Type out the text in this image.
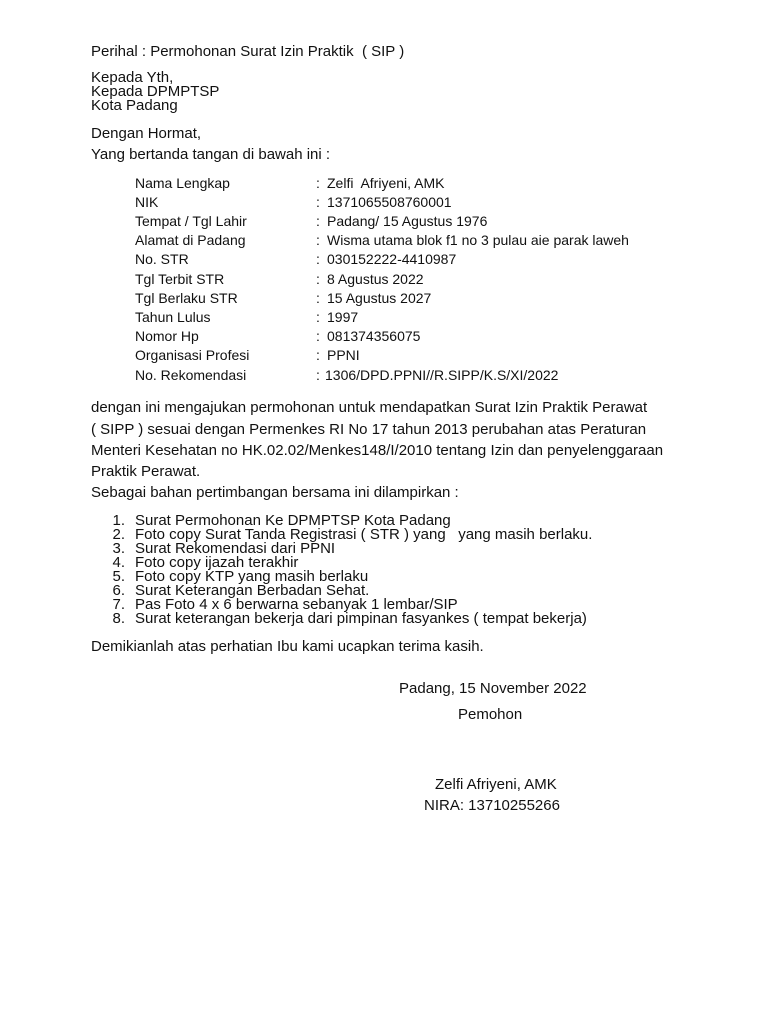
Perihal : Permohonan Surat Izin Praktik  ( SIP )
Kepada Yth,
Kepada DPMPTSP
Kota Padang
Dengan Hormat,
Yang bertanda tangan di bawah ini :
Nama Lengkap	: Zelfi  Afriyeni, AMK
NIK	: 1371065508760001
Tempat / Tgl Lahir	: Padang/ 15 Agustus 1976
Alamat di Padang	: Wisma utama blok f1 no 3 pulau aie parak laweh
No. STR	: 030152222-4410987
Tgl Terbit STR	: 8 Agustus 2022
Tgl Berlaku STR	: 15 Agustus 2027
Tahun Lulus	: 1997
Nomor Hp	: 081374356075
Organisasi Profesi	: PPNI
No. Rekomendasi	: 1306/DPD.PPNI//R.SIPP/K.S/XI/2022
dengan ini mengajukan permohonan untuk mendapatkan Surat Izin Praktik Perawat
( SIPP ) sesuai dengan Permenkes RI No 17 tahun 2013 perubahan atas Peraturan
Menteri Kesehatan no HK.02.02/Menkes148/I/2010 tentang Izin dan penyelenggaraan
Praktik Perawat.
Sebagai bahan pertimbangan bersama ini dilampirkan :
1. Surat Permohonan Ke DPMPTSP Kota Padang
2. Foto copy Surat Tanda Registrasi ( STR ) yang   yang masih berlaku.
3. Surat Rekomendasi dari PPNI
4. Foto copy ijazah terakhir
5. Foto copy KTP yang masih berlaku
6. Surat Keterangan Berbadan Sehat.
7. Pas Foto 4 x 6 berwarna sebanyak 1 lembar/SIP
8. Surat keterangan bekerja dari pimpinan fasyankes ( tempat bekerja)
Demikianlah atas perhatian Ibu kami ucapkan terima kasih.
Padang, 15 November 2022
Pemohon
Zelfi Afriyeni, AMK
NIRA: 13710255266
